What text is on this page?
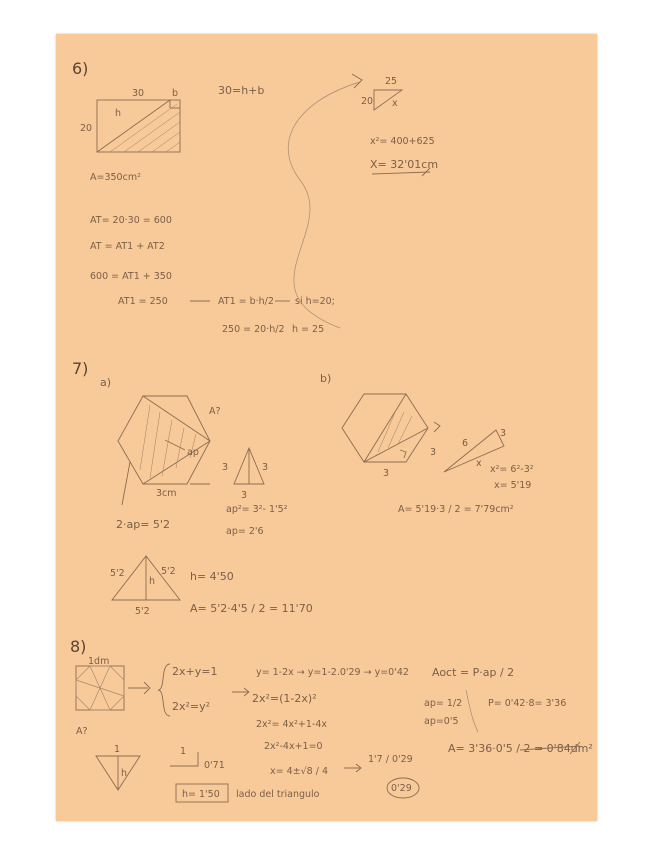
6)
30	b
20
h
30=h+b
A=350cm²
AT= 20·30 = 600
AT = AT1 + AT2
600 = AT1 + 350
AT1 = 250	AT1 = b·h/2 si h=20;
250 = 20·h/2 h = 25
25
20 x
x²= 400+625
X= 32'01cm
7)
a)	b)
A?
ap
3cm
3	3
3
2·ap= 5'2
ap²= 3²- 1'5²
ap= 2'6
5'2	5'2
5'2
h	h= 4'50
A= 5'2·4'5 / 2 = 11'70
3
3
6
3
x
x²= 6²-3²
x= 5'19
A= 5'19·3 / 2 = 7'79cm²
8)
1dm
A?
2x+y=1
2x²=y²
y= 1-2x → y=1-2.0'29 → y=0'42
2x²=(1-2x)²
2x²= 4x²+1-4x
2x²-4x+1=0
x= 4±√8 / 4
1'7 / 0'29
0'29
Aoct = P·ap / 2
ap= 1/2
ap=0'5
P= 0'42·8= 3'36
A= 3'36·0'5 / 2 = 0'84dm²
1
h
1
0'71
h= 1'50 lado del triangulo
